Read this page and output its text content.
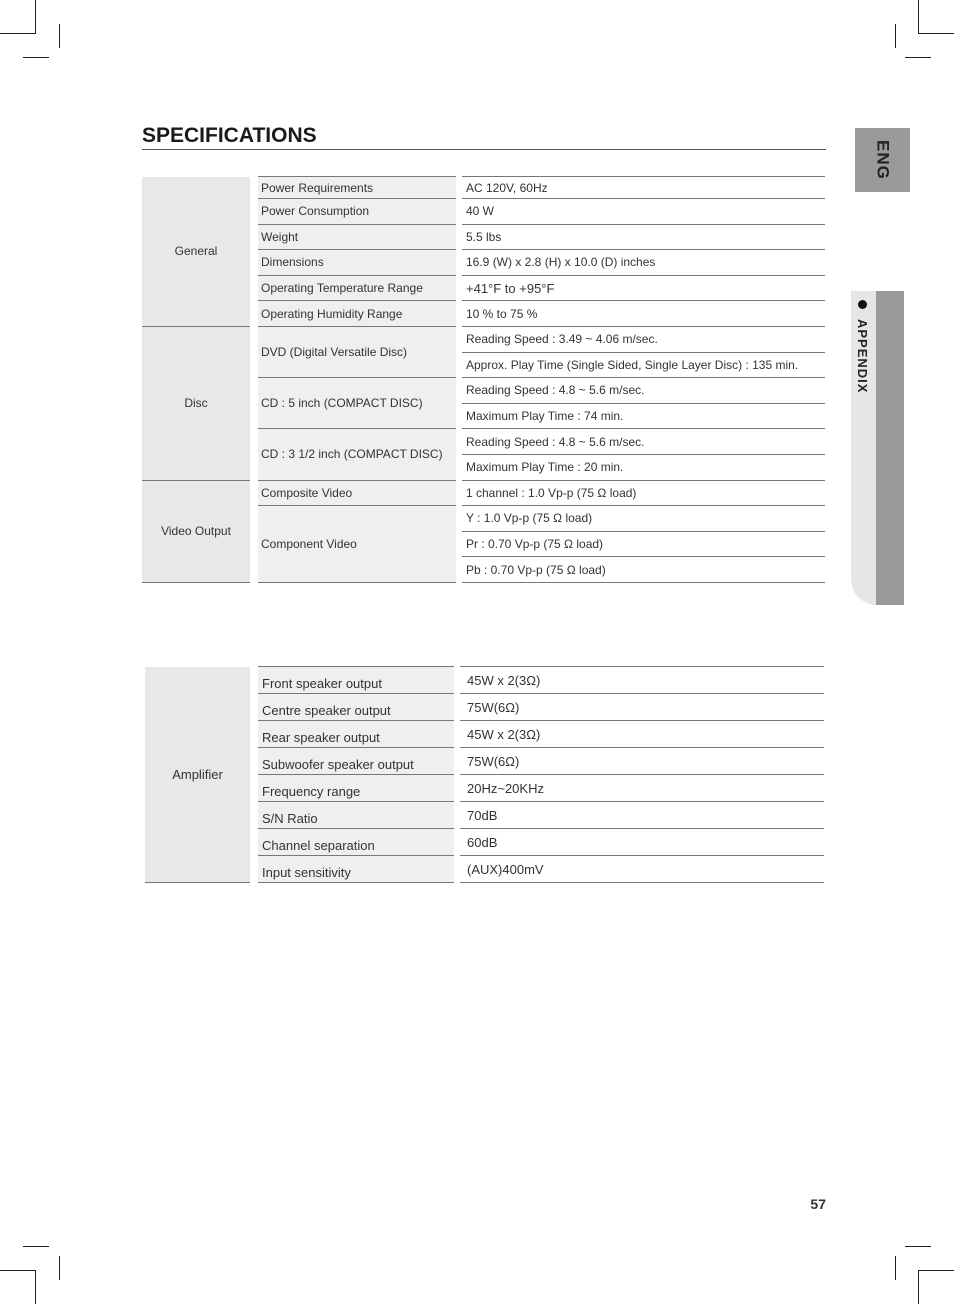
SPECIFICATIONS
ENG
APPENDIX
General	Power Requirements	AC 120V, 60Hz
	Power Consumption	40 W
	Weight	5.5 lbs
	Dimensions	16.9 (W) x 2.8 (H) x 10.0 (D) inches
	Operating Temperature Range	+41°F to +95°F
	Operating Humidity Range	10 % to 75 %
Disc	DVD (Digital Versatile Disc)	Reading Speed : 3.49 ~ 4.06 m/sec.
		Approx. Play Time (Single Sided, Single Layer Disc) : 135 min.
	CD : 5 inch (COMPACT DISC)	Reading Speed : 4.8 ~ 5.6 m/sec.
		Maximum Play Time : 74 min.
	CD : 3 1/2 inch (COMPACT DISC)	Reading Speed : 4.8 ~ 5.6 m/sec.
		Maximum Play Time : 20 min.
Video Output	Composite Video	1 channel : 1.0 Vp-p (75 Ω load)
	Component Video	Y : 1.0 Vp-p (75 Ω load)
		Pr : 0.70 Vp-p (75 Ω load)
		Pb : 0.70 Vp-p (75 Ω load)
Amplifier	Front speaker output	45W x 2(3Ω)
	Centre speaker output	75W(6Ω)
	Rear speaker output	45W x 2(3Ω)
	Subwoofer speaker output	75W(6Ω)
	Frequency range	20Hz~20KHz
	S/N Ratio	70dB
	Channel separation	60dB
	Input sensitivity	(AUX)400mV
57
